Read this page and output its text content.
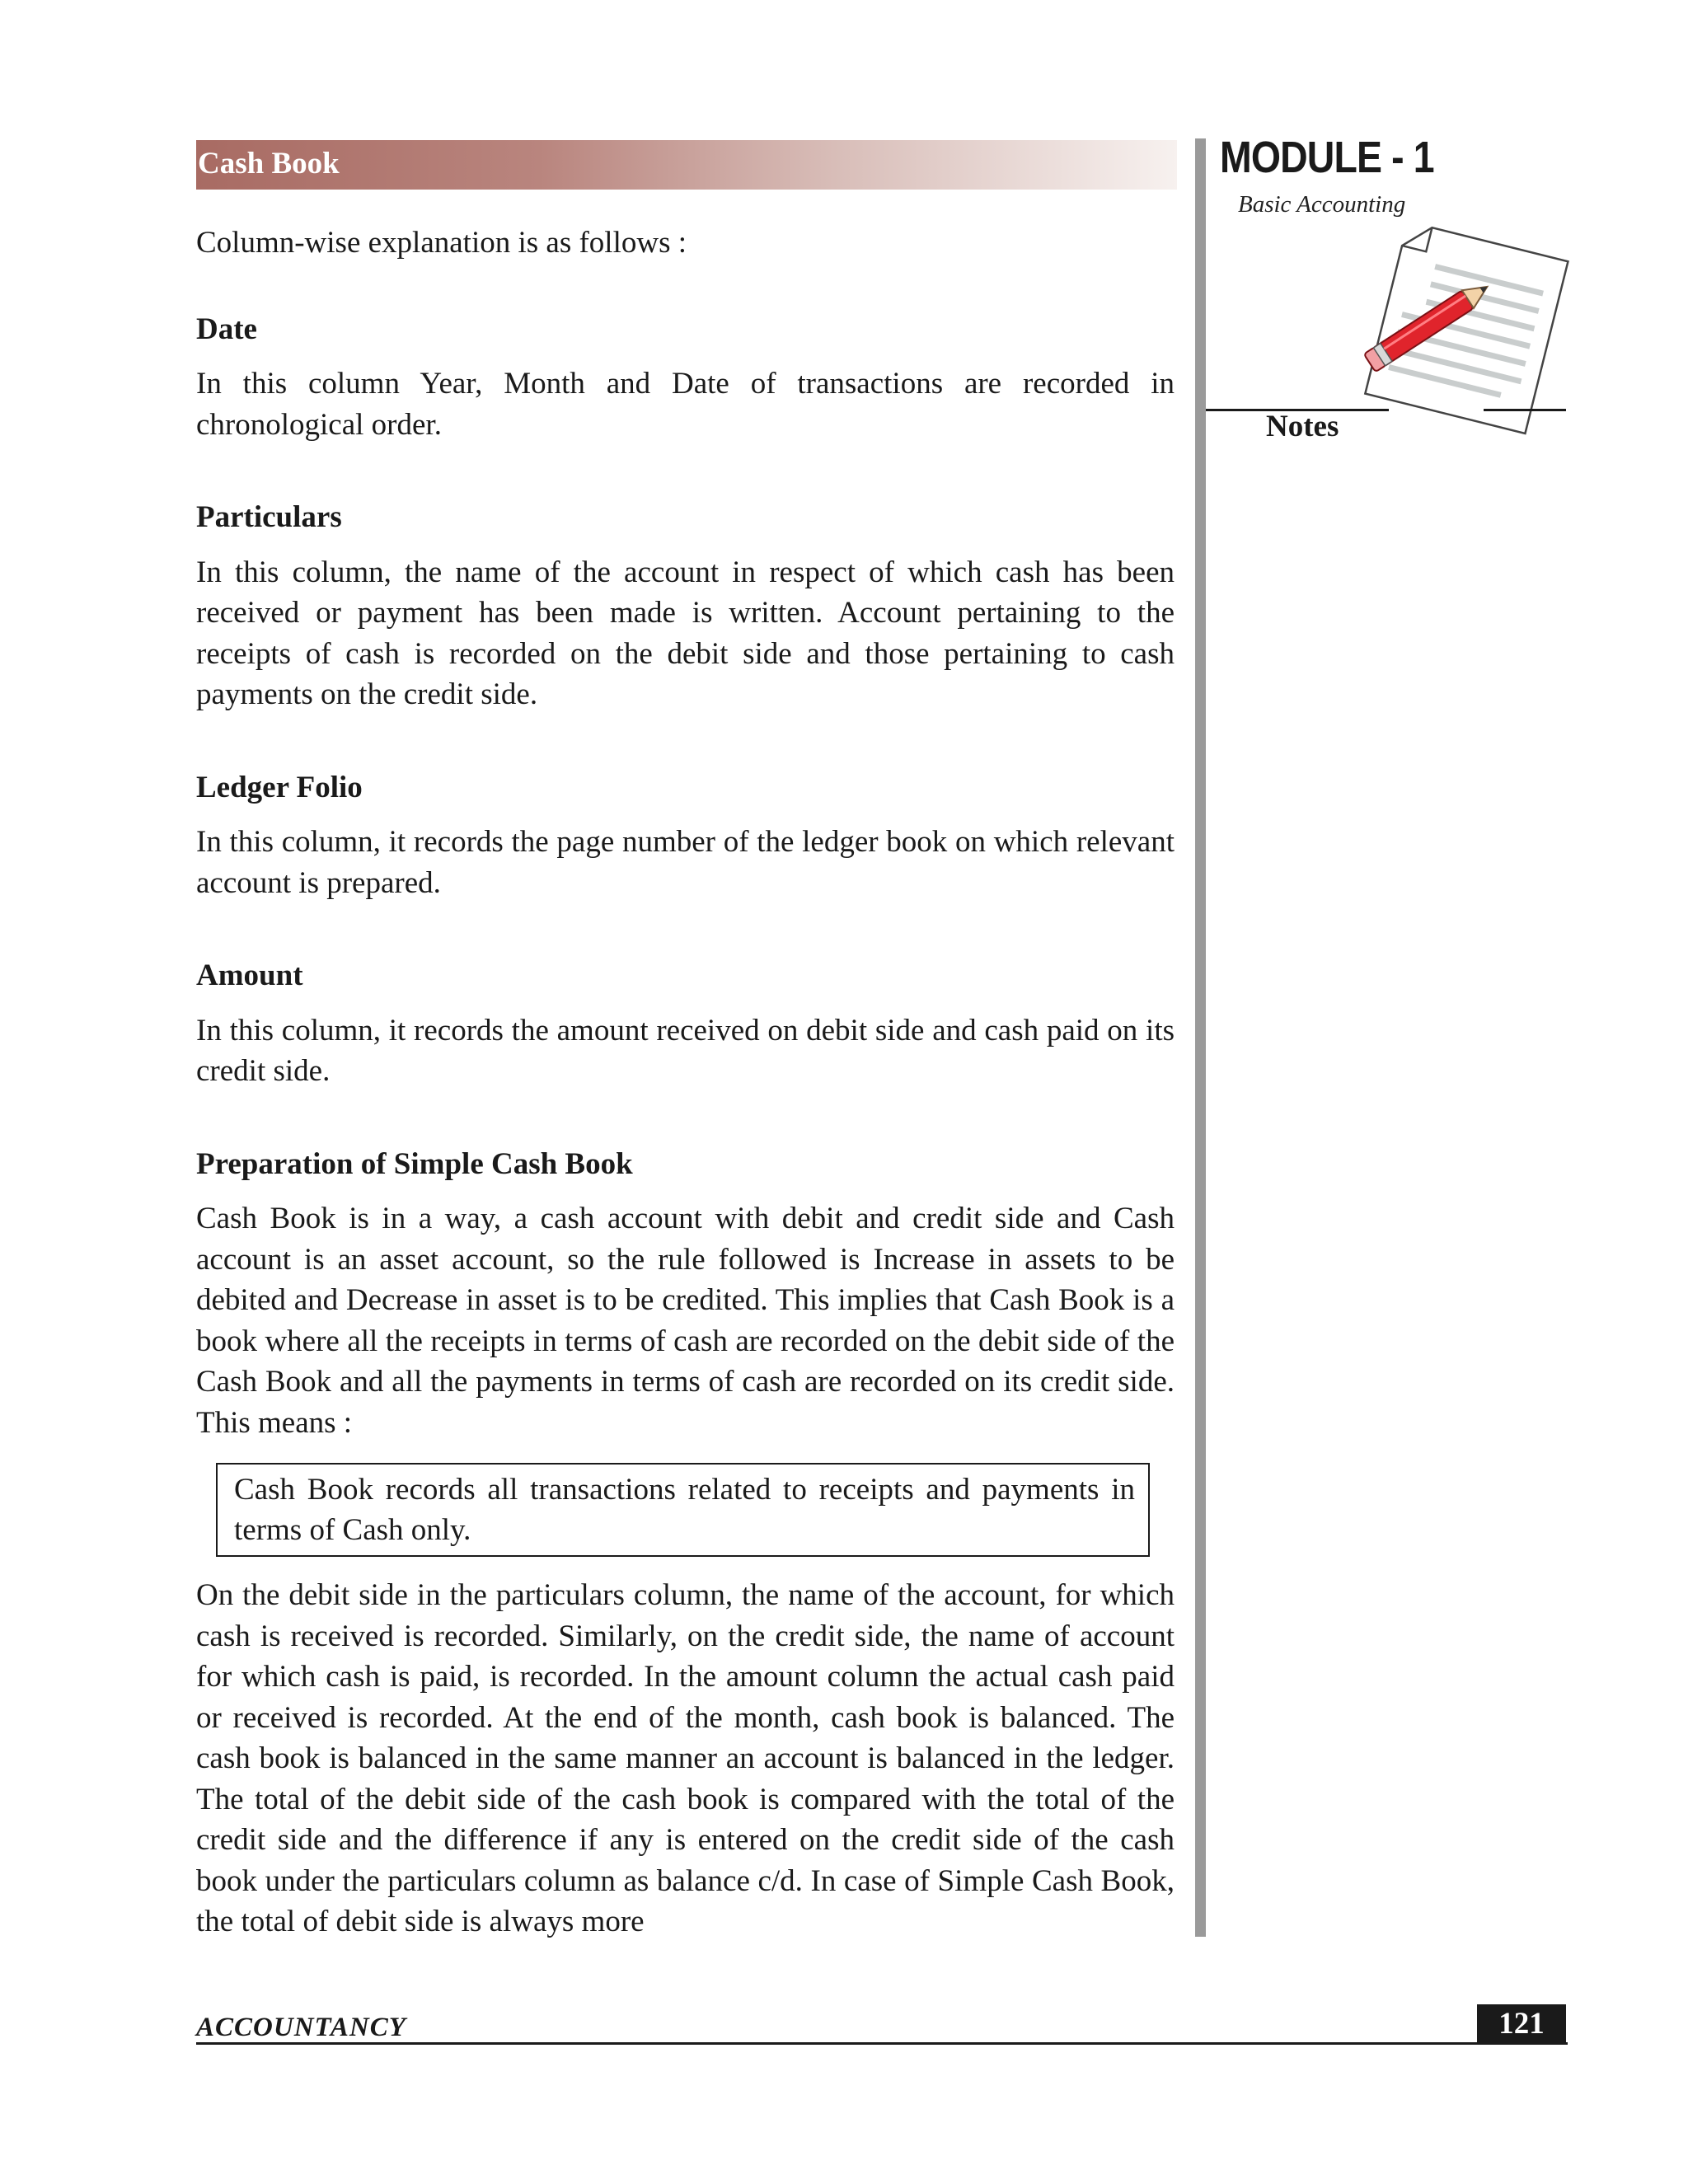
Cash Book	MODULE - 1
Basic Accounting
Notes

Column-wise explanation is as follows :

Date

In this column Year, Month and Date of transactions are recorded in chronological order.

Particulars

In this column, the name of the account in respect of which cash has been received or payment has been made is written. Account pertaining to the receipts of cash is recorded on the debit side and those pertaining to cash payments on the credit side.

Ledger Folio

In this column, it records the page number of the ledger book on which relevant account is prepared.

Amount

In this column, it records the amount received on debit side and cash paid on its credit side.

Preparation of Simple Cash Book

Cash Book is in a way, a cash account with debit and credit side and Cash account is an asset account, so the rule followed is Increase in assets to be debited and Decrease in asset is to be credited. This implies that Cash Book is a book where all the receipts in terms of cash are recorded on the debit side of the Cash Book and all the payments in terms of cash are recorded on its credit side. This means :

Cash Book records all transactions related to receipts and payments in terms of Cash only.

On the debit side in the particulars column, the name of the account, for which cash is received is recorded. Similarly, on the credit side, the name of account for which cash is paid, is recorded. In the amount column the actual cash paid or received is recorded. At the end of the month, cash book is balanced. The cash book is balanced in the same manner an account is balanced in the ledger. The total of the debit side of the cash book is compared with the total of the credit side and the difference if any is entered on the credit side of the cash book under the particulars column as balance c/d. In case of Simple Cash Book, the total of debit side is always more

ACCOUNTANCY	121
